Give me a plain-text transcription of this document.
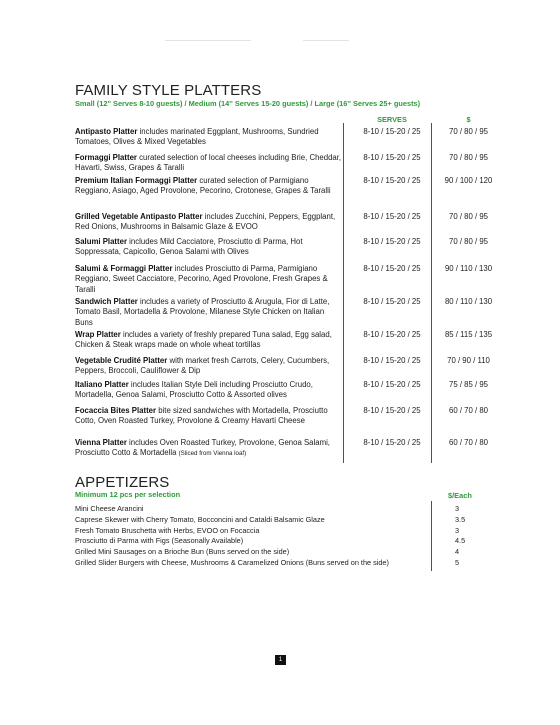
FAMILY STYLE PLATTERS
Small (12'' Serves 8-10 guests) / Medium (14'' Serves 15-20 guests) / Large (16'' Serves 25+ guests)
SERVES	$
Antipasto Platter includes marinated Eggplant, Mushrooms, Sundried Tomatoes, Olives & Mixed Vegetables
8-10 / 15-20 / 25	70 / 80 / 95
Formaggi Platter curated selection of local cheeses including Brie, Cheddar, Havarti, Swiss, Grapes & Taralli
8-10 / 15-20 / 25	70 / 80 / 95
Premium Italian Formaggi Platter curated selection of Parmigiano Reggiano, Asiago, Aged Provolone, Pecorino, Crotonese, Grapes & Taralli
8-10 / 15-20 / 25	90 / 100 / 120
Grilled Vegetable Antipasto Platter includes Zucchini, Peppers, Eggplant, Red Onions, Mushrooms in Balsamic Glaze & EVOO
8-10 / 15-20 / 25	70 / 80 / 95
Salumi Platter includes Mild Cacciatore, Prosciutto di Parma, Hot Soppressata, Capicollo, Genoa Salami with Olives
8-10 / 15-20 / 25	70 / 80 / 95
Salumi & Formaggi Platter includes Prosciutto di Parma, Parmigiano Reggiano, Sweet Cacciatore, Pecorino, Aged Provolone, Fresh Grapes & Taralli
8-10 / 15-20 / 25	90 / 110 / 130
Sandwich Platter includes a variety of Prosciutto & Arugula, Fior di Latte, Tomato Basil, Mortadella & Provolone, Milanese Style Chicken on Italian Buns
8-10 / 15-20 / 25	80 / 110 / 130
Wrap Platter includes a variety of freshly prepared Tuna salad, Egg salad, Chicken & Steak wraps made on whole wheat tortillas
8-10 / 15-20 / 25	85 / 115 / 135
Vegetable Crudité Platter with market fresh Carrots, Celery, Cucumbers, Peppers, Broccoli, Cauliflower & Dip
8-10 / 15-20 / 25	70 / 90 / 110
Italiano Platter includes Italian Style Deli including Prosciutto Crudo, Mortadella, Genoa Salami, Prosciutto Cotto & Assorted olives
8-10 / 15-20 / 25	75 / 85 / 95
Focaccia Bites Platter bite sized sandwiches with Mortadella, Prosciutto Cotto, Oven Roasted Turkey, Provolone & Creamy Havarti Cheese
8-10 / 15-20 / 25	60 / 70 / 80
Vienna Platter includes Oven Roasted Turkey, Provolone, Genoa Salami, Prosciutto Cotto & Mortadella (Sliced from Vienna loaf)
8-10 / 15-20 / 25	60 / 70 / 80
APPETIZERS
Minimum 12 pcs per selection	$/Each
Mini Cheese Arancini	3
Caprese Skewer with Cherry Tomato, Bocconcini and Cataldi Balsamic Glaze	3.5
Fresh Tomato Bruschetta with Herbs, EVOO on Focaccia	3
Prosciutto di Parma with Figs (Seasonally Available)	4.5
Grilled Mini Sausages on a Brioche Bun (Buns served on the side)	4
Grilled Slider Burgers with Cheese, Mushrooms & Caramelized Onions (Buns served on the side)	5
1
